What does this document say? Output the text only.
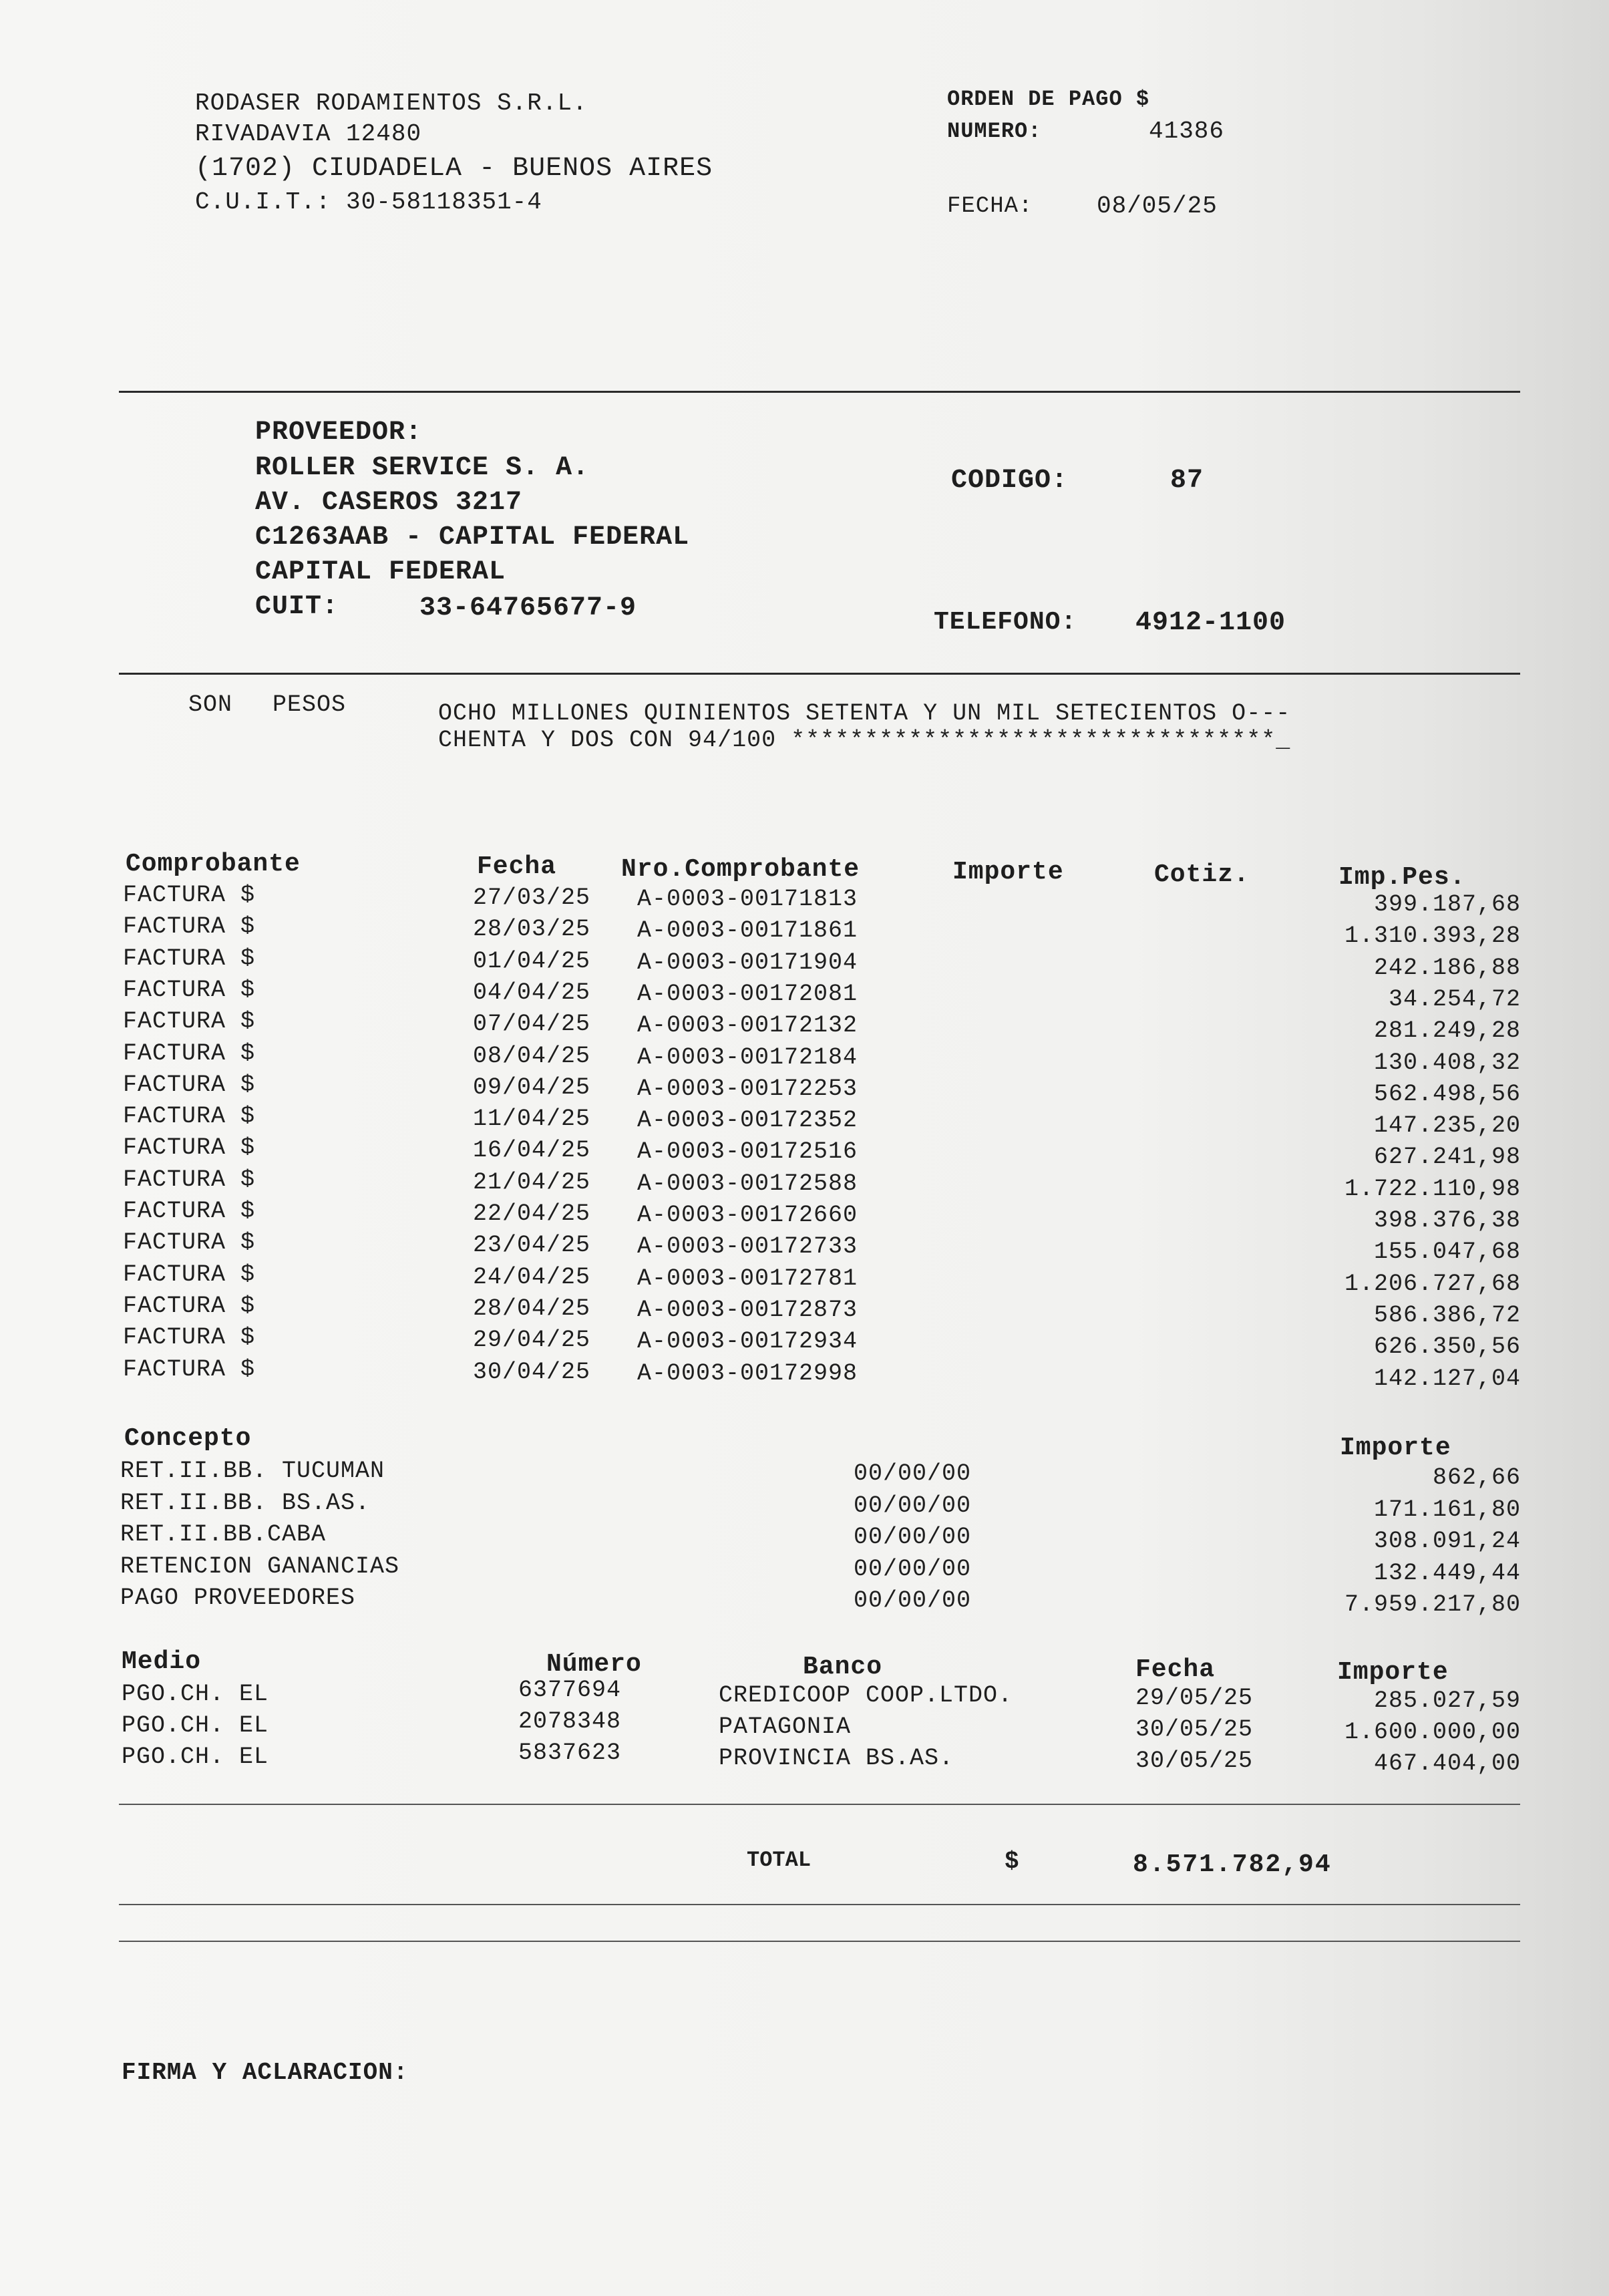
RODASER RODAMIENTOS S.R.L.
RIVADAVIA 12480
(1702) CIUDADELA - BUENOS AIRES
C.U.I.T.: 30-58118351-4
ORDEN DE PAGO $
NUMERO:	41386
FECHA:	08/05/25
PROVEEDOR:
ROLLER SERVICE S. A.
AV. CASEROS 3217
C1263AAB - CAPITAL FEDERAL
CAPITAL FEDERAL
CUIT:	33-64765677-9
CODIGO:	87
TELEFONO: 4912-1100
SON PESOS	OCHO MILLONES QUINIENTOS SETENTA Y UN MIL SETECIENTOS O---
CHENTA Y DOS CON 94/100 *********************************_
Comprobante	Fecha	Nro.Comprobante	Importe	Cotiz.	Imp.Pes.
FACTURA $	27/03/25 A-0003-00171813	399.187,68
FACTURA $	28/03/25 A-0003-00171861	1.310.393,28
FACTURA $	01/04/25 A-0003-00171904	242.186,88
FACTURA $	04/04/25 A-0003-00172081	34.254,72
FACTURA $	07/04/25 A-0003-00172132	281.249,28
FACTURA $	08/04/25 A-0003-00172184	130.408,32
FACTURA $	09/04/25 A-0003-00172253	562.498,56
FACTURA $	11/04/25 A-0003-00172352	147.235,20
FACTURA $	16/04/25 A-0003-00172516	627.241,98
FACTURA $	21/04/25 A-0003-00172588	1.722.110,98
FACTURA $	22/04/25 A-0003-00172660	398.376,38
FACTURA $	23/04/25 A-0003-00172733	155.047,68
FACTURA $	24/04/25 A-0003-00172781	1.206.727,68
FACTURA $	28/04/25 A-0003-00172873	586.386,72
FACTURA $	29/04/25 A-0003-00172934	626.350,56
FACTURA $	30/04/25 A-0003-00172998	142.127,04
Concepto	Importe
RET.II.BB. TUCUMAN	00/00/00	862,66
RET.II.BB. BS.AS.	00/00/00	171.161,80
RET.II.BB.CABA	00/00/00	308.091,24
RETENCION GANANCIAS	00/00/00	132.449,44
PAGO PROVEEDORES	00/00/00	7.959.217,80
Medio	Número	Banco	Fecha	Importe
PGO.CH. EL	6377694	CREDICOOP COOP.LTDO.	29/05/25	285.027,59
PGO.CH. EL	2078348	PATAGONIA	30/05/25	1.600.000,00
PGO.CH. EL	5837623	PROVINCIA BS.AS.	30/05/25	467.404,00
TOTAL	$	8.571.782,94
FIRMA Y ACLARACION:
